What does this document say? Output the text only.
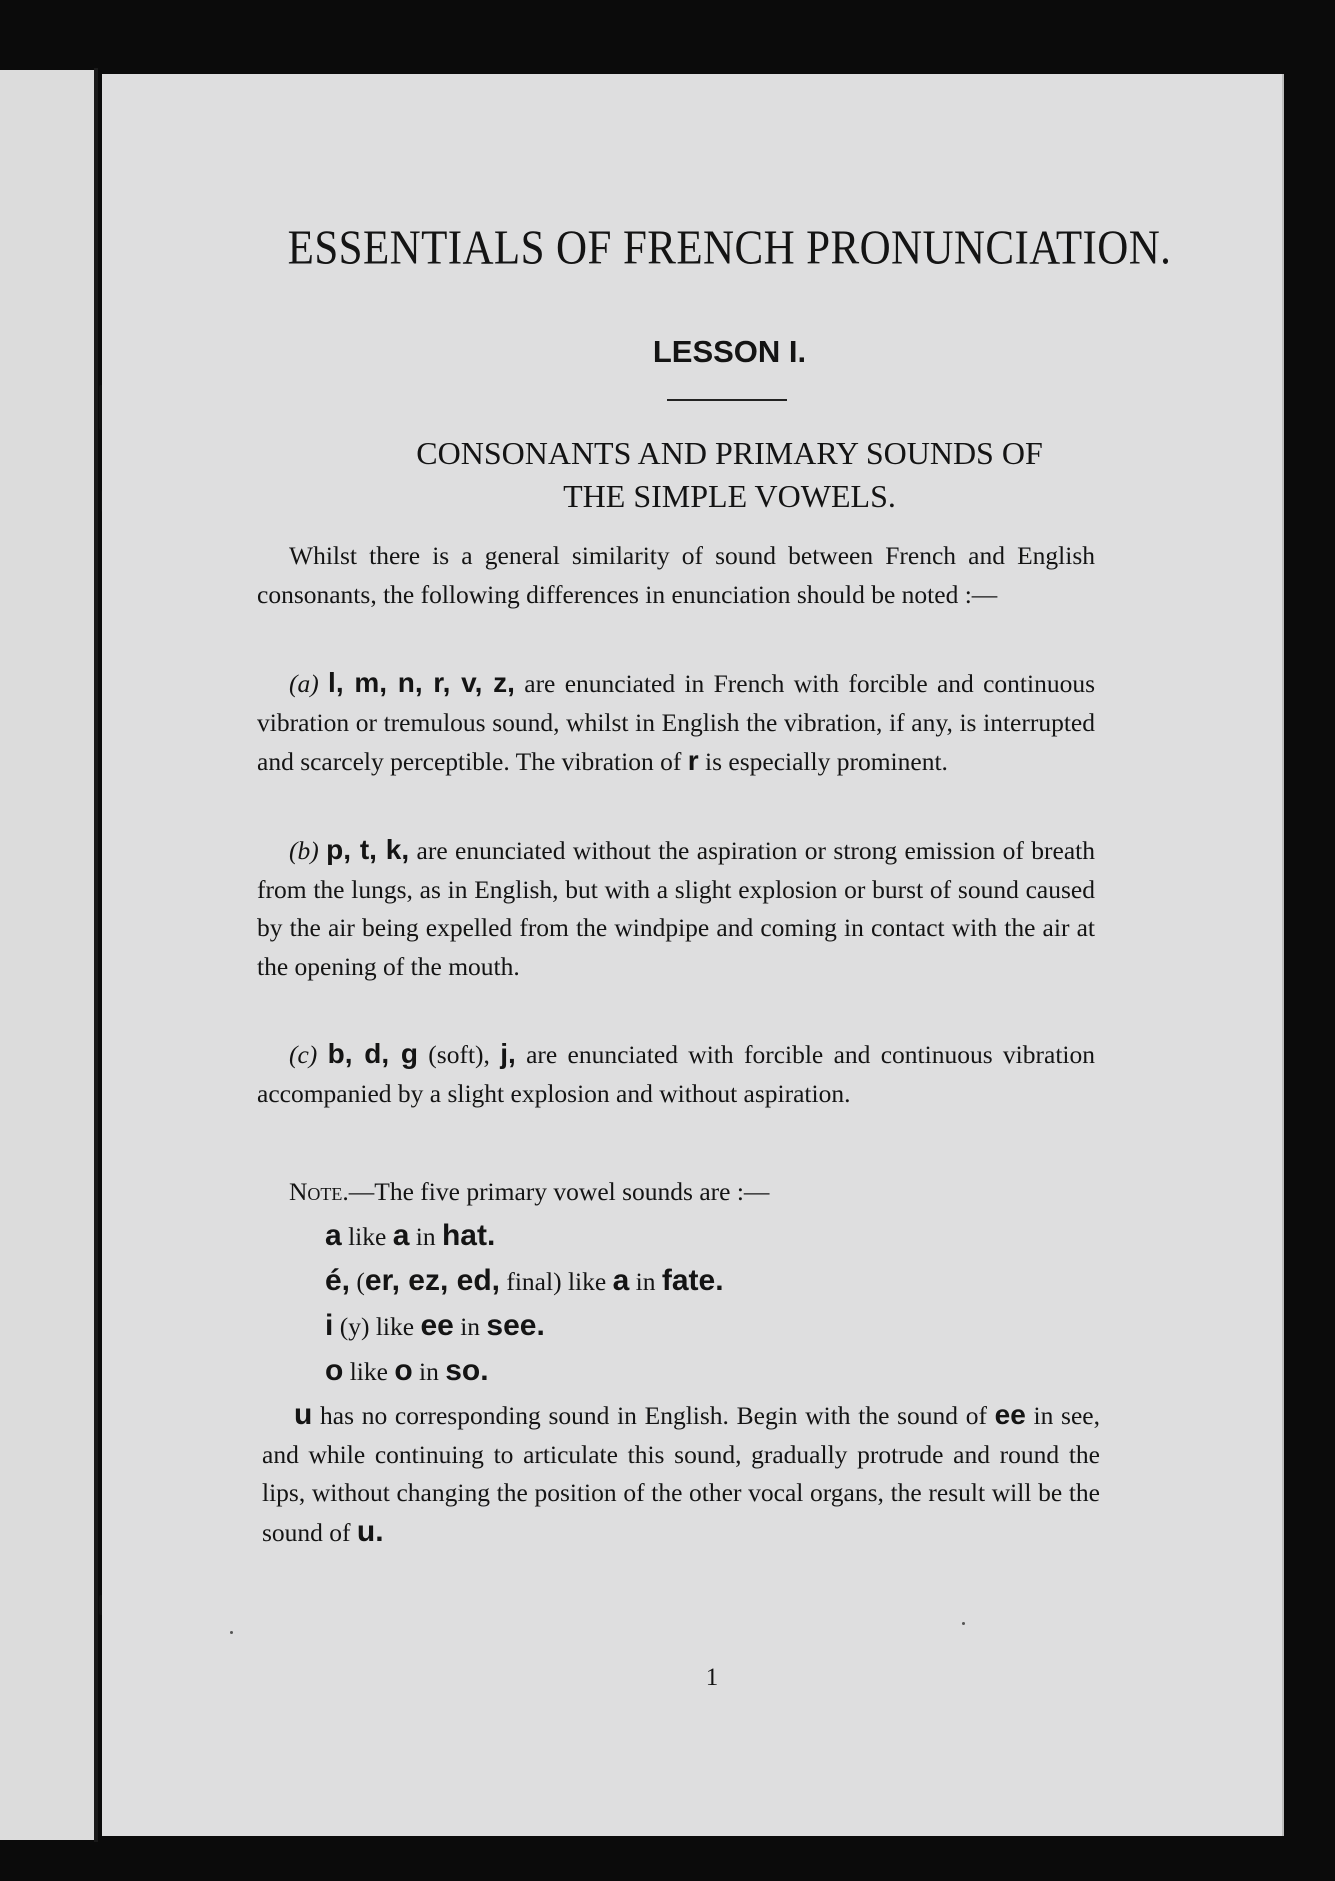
ESSENTIALS OF FRENCH PRONUNCIATION.
LESSON I.
CONSONANTS AND PRIMARY SOUNDS OF
THE SIMPLE VOWELS.

Whilst there is a general similarity of sound between French and English consonants, the following differences in enunciation should be noted :—

(a) l, m, n, r, v, z, are enunciated in French with forcible and continuous vibration or tremulous sound, whilst in English the vibration, if any, is interrupted and scarcely perceptible. The vibration of r is especially prominent.

(b) p, t, k, are enunciated without the aspiration or strong emission of breath from the lungs, as in English, but with a slight explosion or burst of sound caused by the air being expelled from the windpipe and coming in contact with the air at the opening of the mouth.

(c) b, d, g (soft), j, are enunciated with forcible and continuous vibration accompanied by a slight explosion and without aspiration.

Note.—The five primary vowel sounds are :—

a like a in hat.

é, (er, ez, ed, final) like a in fate.

i (y) like ee in see.

o like o in so.

u has no corresponding sound in English. Begin with the sound of ee in see, and while continuing to articulate this sound, gradually protrude and round the lips, without changing the position of the other vocal organs, the result will be the sound of u.

1
